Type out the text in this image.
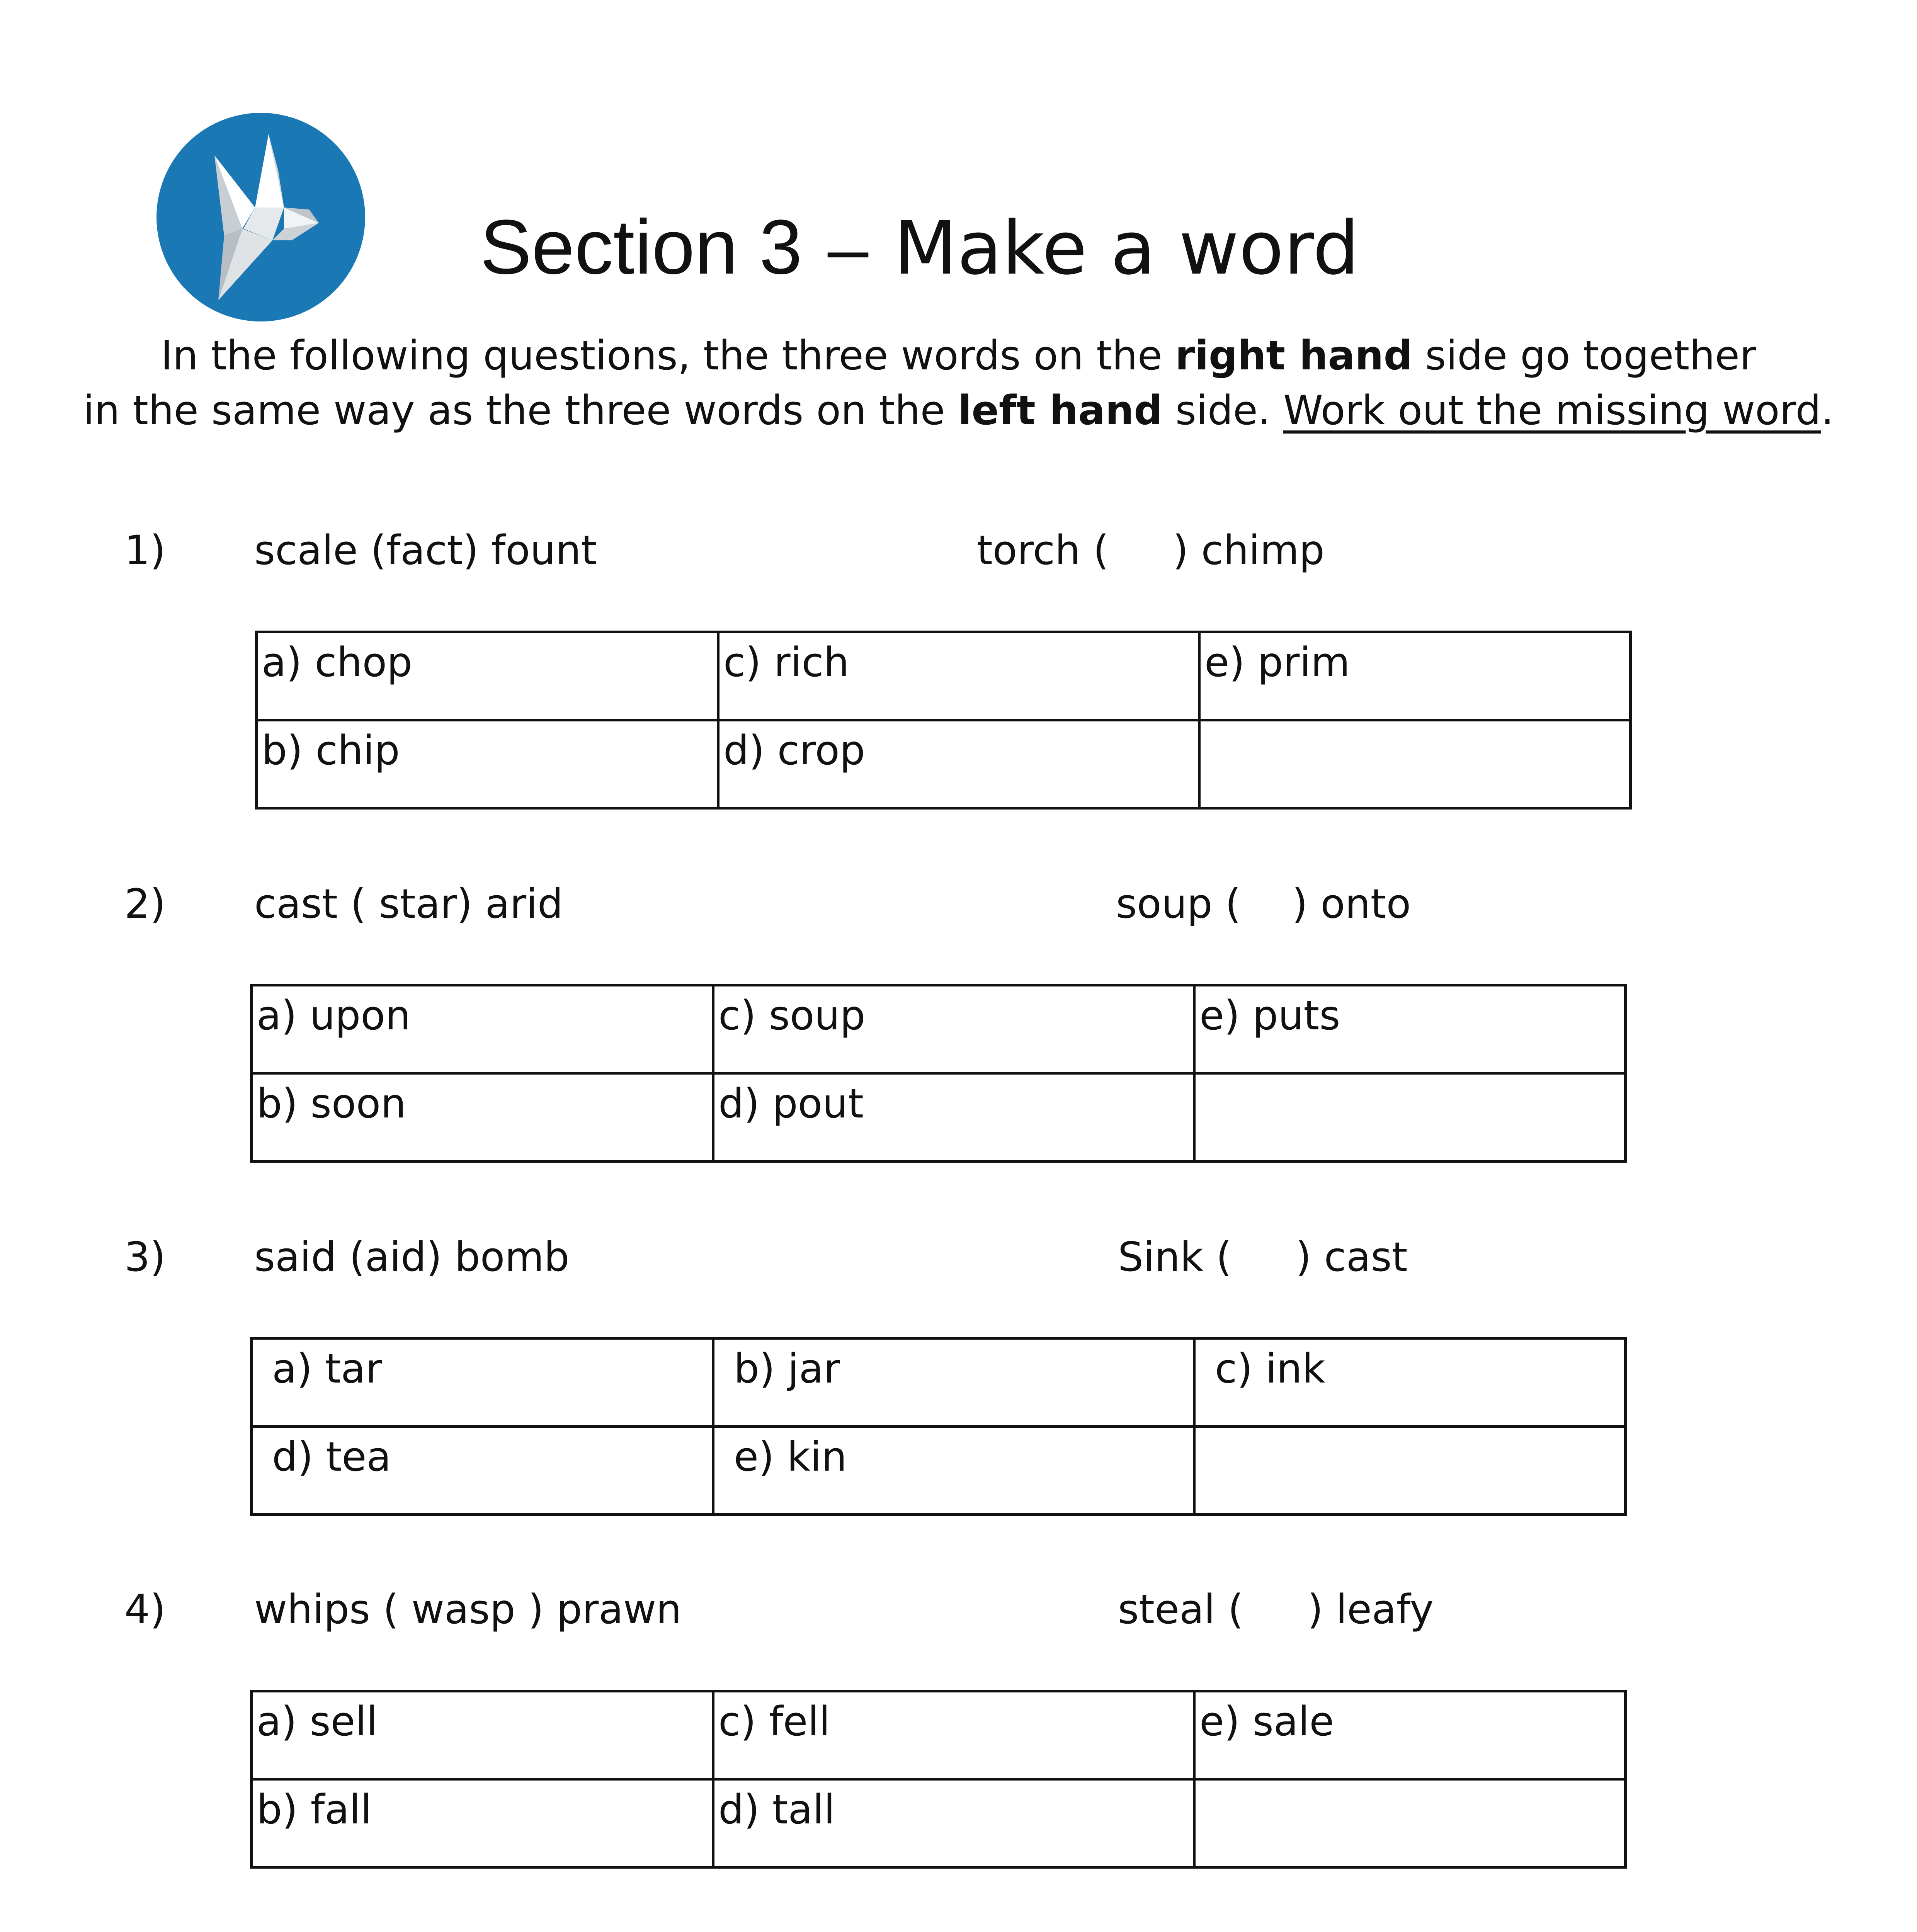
Section 3 – Make a word
In the following questions, the three words on the right hand side go together
in the same way as the three words on the left hand side. Work out the missing word.
1) scale (fact) fount	torch (     ) chimp
a) chop	c) rich	e) prim
b) chip	d) crop	
2) cast ( star) arid	soup (    ) onto
a) upon	c) soup	e) puts
b) soon	d) pout	
3) said (aid) bomb	Sink (     ) cast
a) tar	b) jar	c) ink
d) tea	e) kin	
4) whips ( wasp ) prawn	steal (     ) leafy
a) sell	c) fell	e) sale
b) fall	d) tall	
